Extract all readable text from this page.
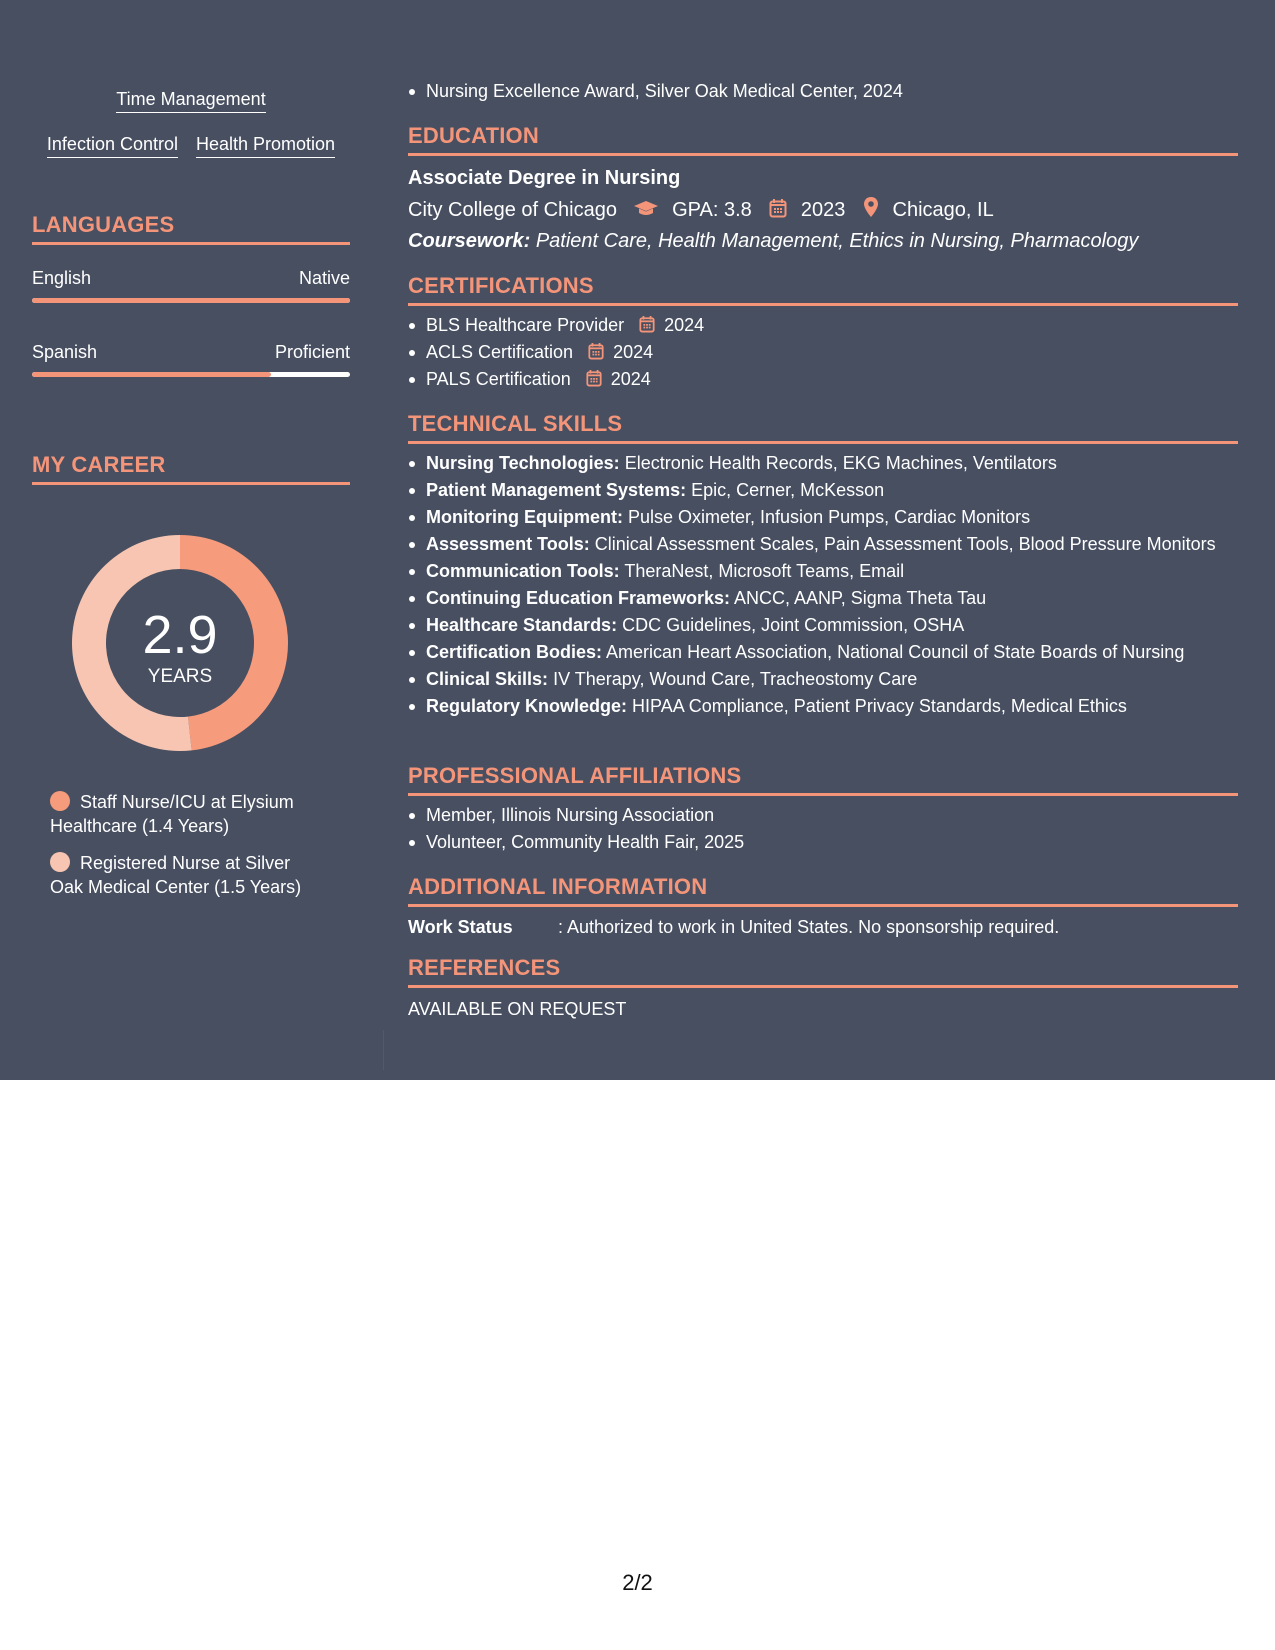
Time Management
Infection Control Health Promotion
LANGUAGES
English	Native
Spanish	Proficient
MY CAREER
2.9
YEARS
Staff Nurse/ICU at Elysium Healthcare (1.4 Years)
Registered Nurse at Silver Oak Medical Center (1.5 Years)
Nursing Excellence Award, Silver Oak Medical Center, 2024
EDUCATION
Associate Degree in Nursing
City College of Chicago	GPA: 3.8 2023 Chicago, IL
Coursework: Patient Care, Health Management, Ethics in Nursing, Pharmacology
CERTIFICATIONS
BLS Healthcare Provider 2024
ACLS Certification 2024
PALS Certification 2024
TECHNICAL SKILLS
Nursing Technologies: Electronic Health Records, EKG Machines, Ventilators
Patient Management Systems: Epic, Cerner, McKesson
Monitoring Equipment: Pulse Oximeter, Infusion Pumps, Cardiac Monitors
Assessment Tools: Clinical Assessment Scales, Pain Assessment Tools, Blood Pressure Monitors
Communication Tools: TheraNest, Microsoft Teams, Email
Continuing Education Frameworks: ANCC, AANP, Sigma Theta Tau
Healthcare Standards: CDC Guidelines, Joint Commission, OSHA
Certification Bodies: American Heart Association, National Council of State Boards of Nursing
Clinical Skills: IV Therapy, Wound Care, Tracheostomy Care
Regulatory Knowledge: HIPAA Compliance, Patient Privacy Standards, Medical Ethics
PROFESSIONAL AFFILIATIONS
Member, Illinois Nursing Association
Volunteer, Community Health Fair, 2025
ADDITIONAL INFORMATION
Work Status	: Authorized to work in United States. No sponsorship required.
REFERENCES
AVAILABLE ON REQUEST
2/2
